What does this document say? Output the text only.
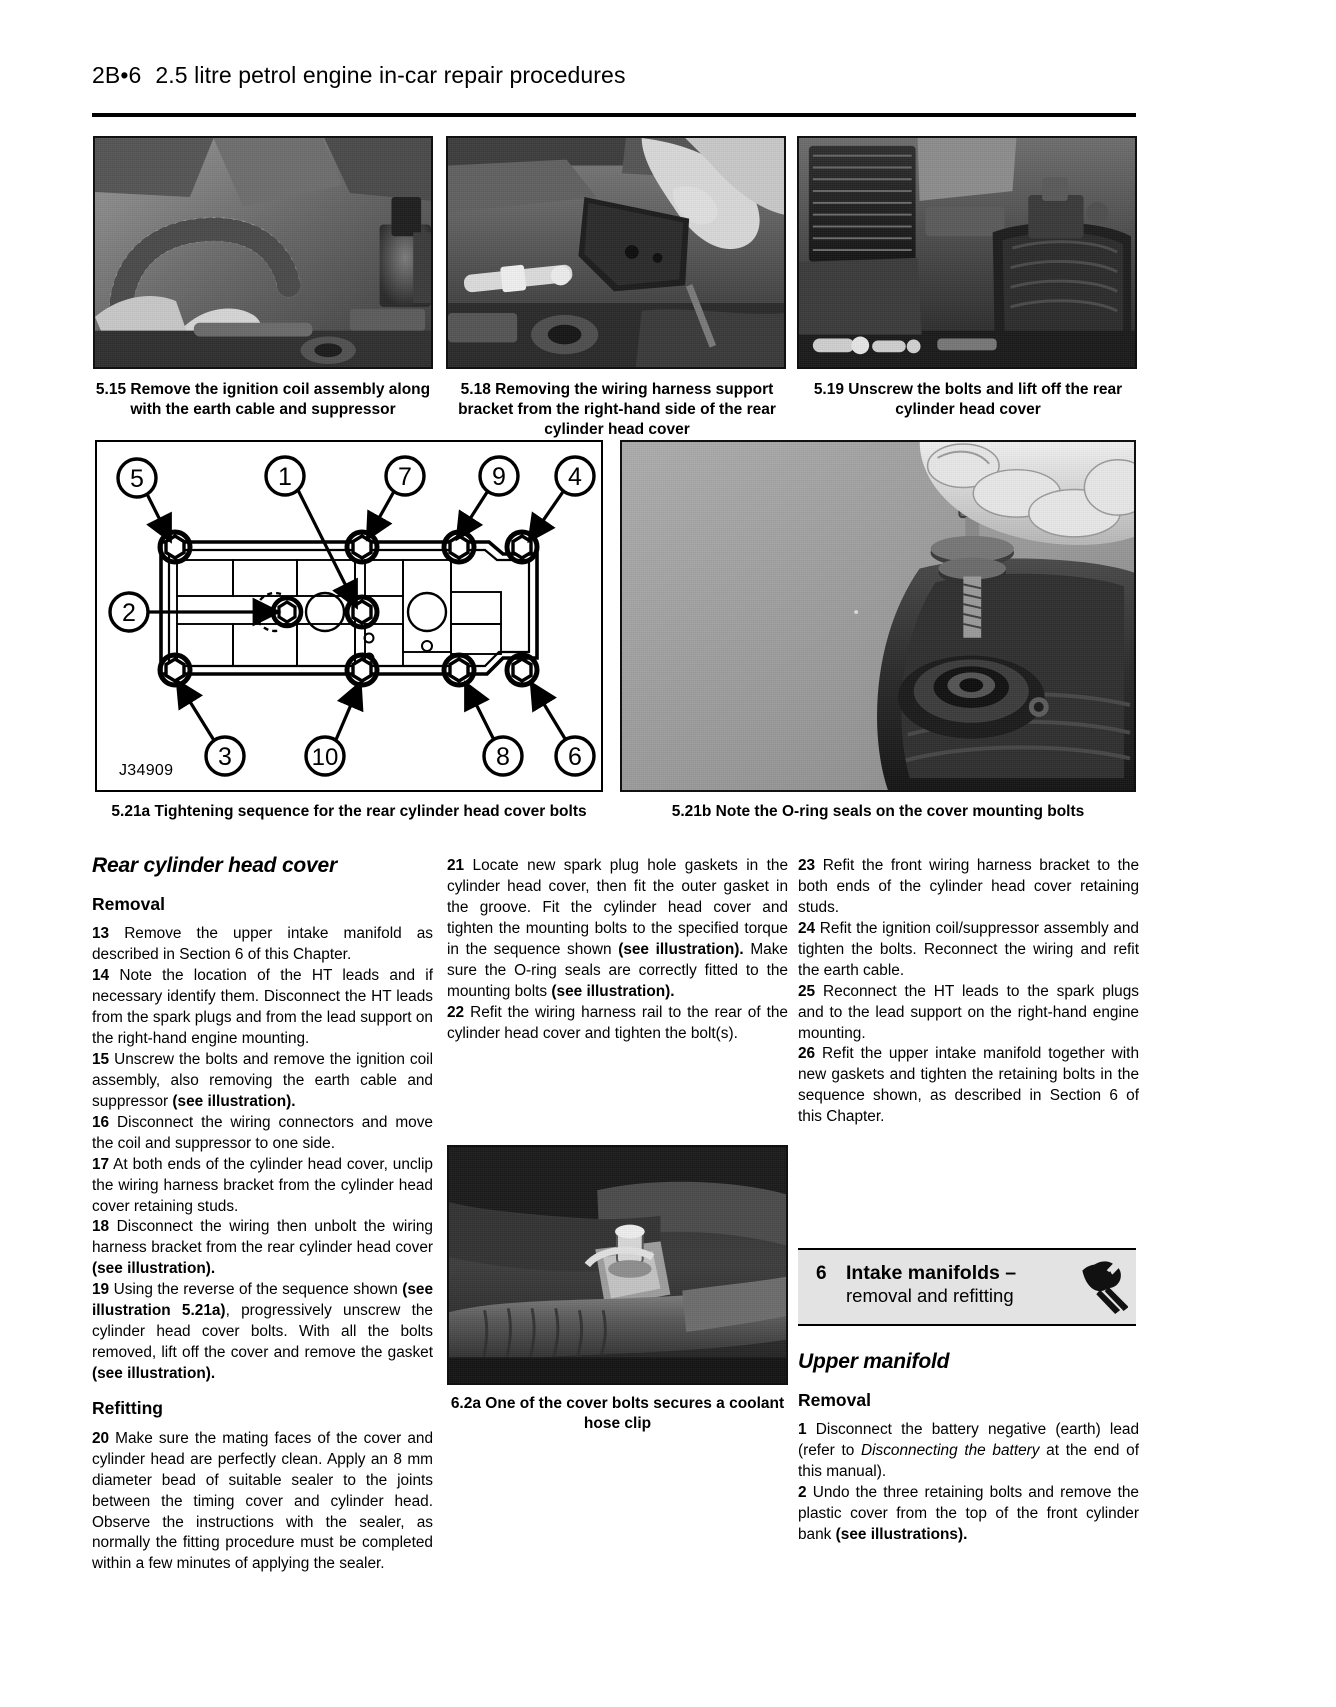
2B•6 2.5 litre petrol engine in-car repair procedures
5.15 Remove the ignition coil assembly along with the earth cable and suppressor
5.18 Removing the wiring harness support bracket from the right-hand side of the rear cylinder head cover
5.19 Unscrew the bolts and lift off the rear cylinder head cover
5	1	7	9 4
2
3	10	8 6
J34909
5.21a Tightening sequence for the rear cylinder head cover bolts	5.21b Note the O-ring seals on the cover mounting bolts
Rear cylinder head cover
Removal

13 Remove the upper intake manifold as described in Section 6 of this Chapter.

14 Note the location of the HT leads and if necessary identify them. Disconnect the HT leads from the spark plugs and from the lead support on the right-hand engine mounting.

15 Unscrew the bolts and remove the ignition coil assembly, also removing the earth cable and suppressor (see illustration).

16 Disconnect the wiring connectors and move the coil and suppressor to one side.

17 At both ends of the cylinder head cover, unclip the wiring harness bracket from the cylinder head cover retaining studs.

18 Disconnect the wiring then unbolt the wiring harness bracket from the rear cylinder head cover (see illustration).

19 Using the reverse of the sequence shown (see illustration 5.21a), progressively unscrew the cylinder head cover bolts. With all the bolts removed, lift off the cover and remove the gasket (see illustration).

Refitting

20 Make sure the mating faces of the cover and cylinder head are perfectly clean. Apply an 8 mm diameter bead of suitable sealer to the joints between the timing cover and cylinder head. Observe the instructions with the sealer, as normally the fitting procedure must be completed within a few minutes of applying the sealer.

21 Locate new spark plug hole gaskets in the cylinder head cover, then fit the outer gasket in the groove. Fit the cylinder head cover and tighten the mounting bolts to the specified torque in the sequence shown (see illustration). Make sure the O-ring seals are correctly fitted to the mounting bolts (see illustration).

22 Refit the wiring harness rail to the rear of the cylinder head cover and tighten the bolt(s).

6.2a One of the cover bolts secures a coolant hose clip

23 Refit the front wiring harness bracket to the both ends of the cylinder head cover retaining studs.

24 Refit the ignition coil/suppressor assembly and tighten the bolts. Reconnect the wiring and refit the earth cable.

25 Reconnect the HT leads to the spark plugs and to the lead support on the right-hand engine mounting.

26 Refit the upper intake manifold together with new gaskets and tighten the retaining bolts in the sequence shown, as described in Section 6 of this Chapter.

6 Intake manifolds –
removal and refitting
Upper manifold
Removal

1 Disconnect the battery negative (earth) lead (refer to Disconnecting the battery at the end of this manual).

2 Undo the three retaining bolts and remove the plastic cover from the top of the front cylinder bank (see illustrations).
